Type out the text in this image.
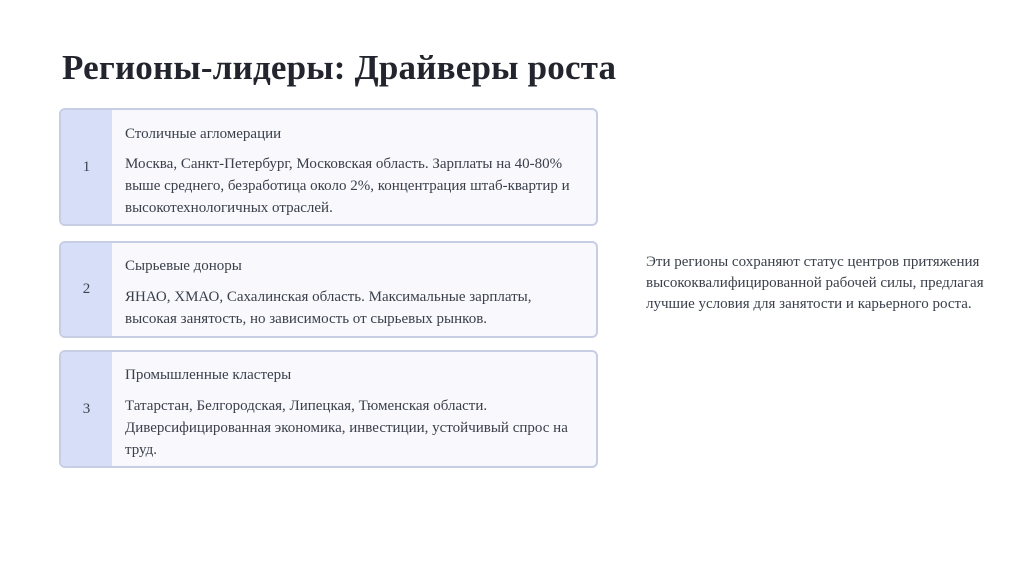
Регионы-лидеры: Драйверы роста
1
Столичные агломерации
Москва, Санкт-Петербург, Московская область. Зарплаты на 40-80% выше среднего, безработица около 2%, концентрация штаб-квартир и высокотехнологичных отраслей.
2
Сырьевые доноры
ЯНАО, ХМАО, Сахалинская область. Максимальные зарплаты, высокая занятость, но зависимость от сырьевых рынков.
3
Промышленные кластеры
Татарстан, Белгородская, Липецкая, Тюменская области. Диверсифицированная экономика, инвестиции, устойчивый спрос на труд.
Эти регионы сохраняют статус центров притяжения высококвалифицированной рабочей силы, предлагая лучшие условия для занятости и карьерного роста.
